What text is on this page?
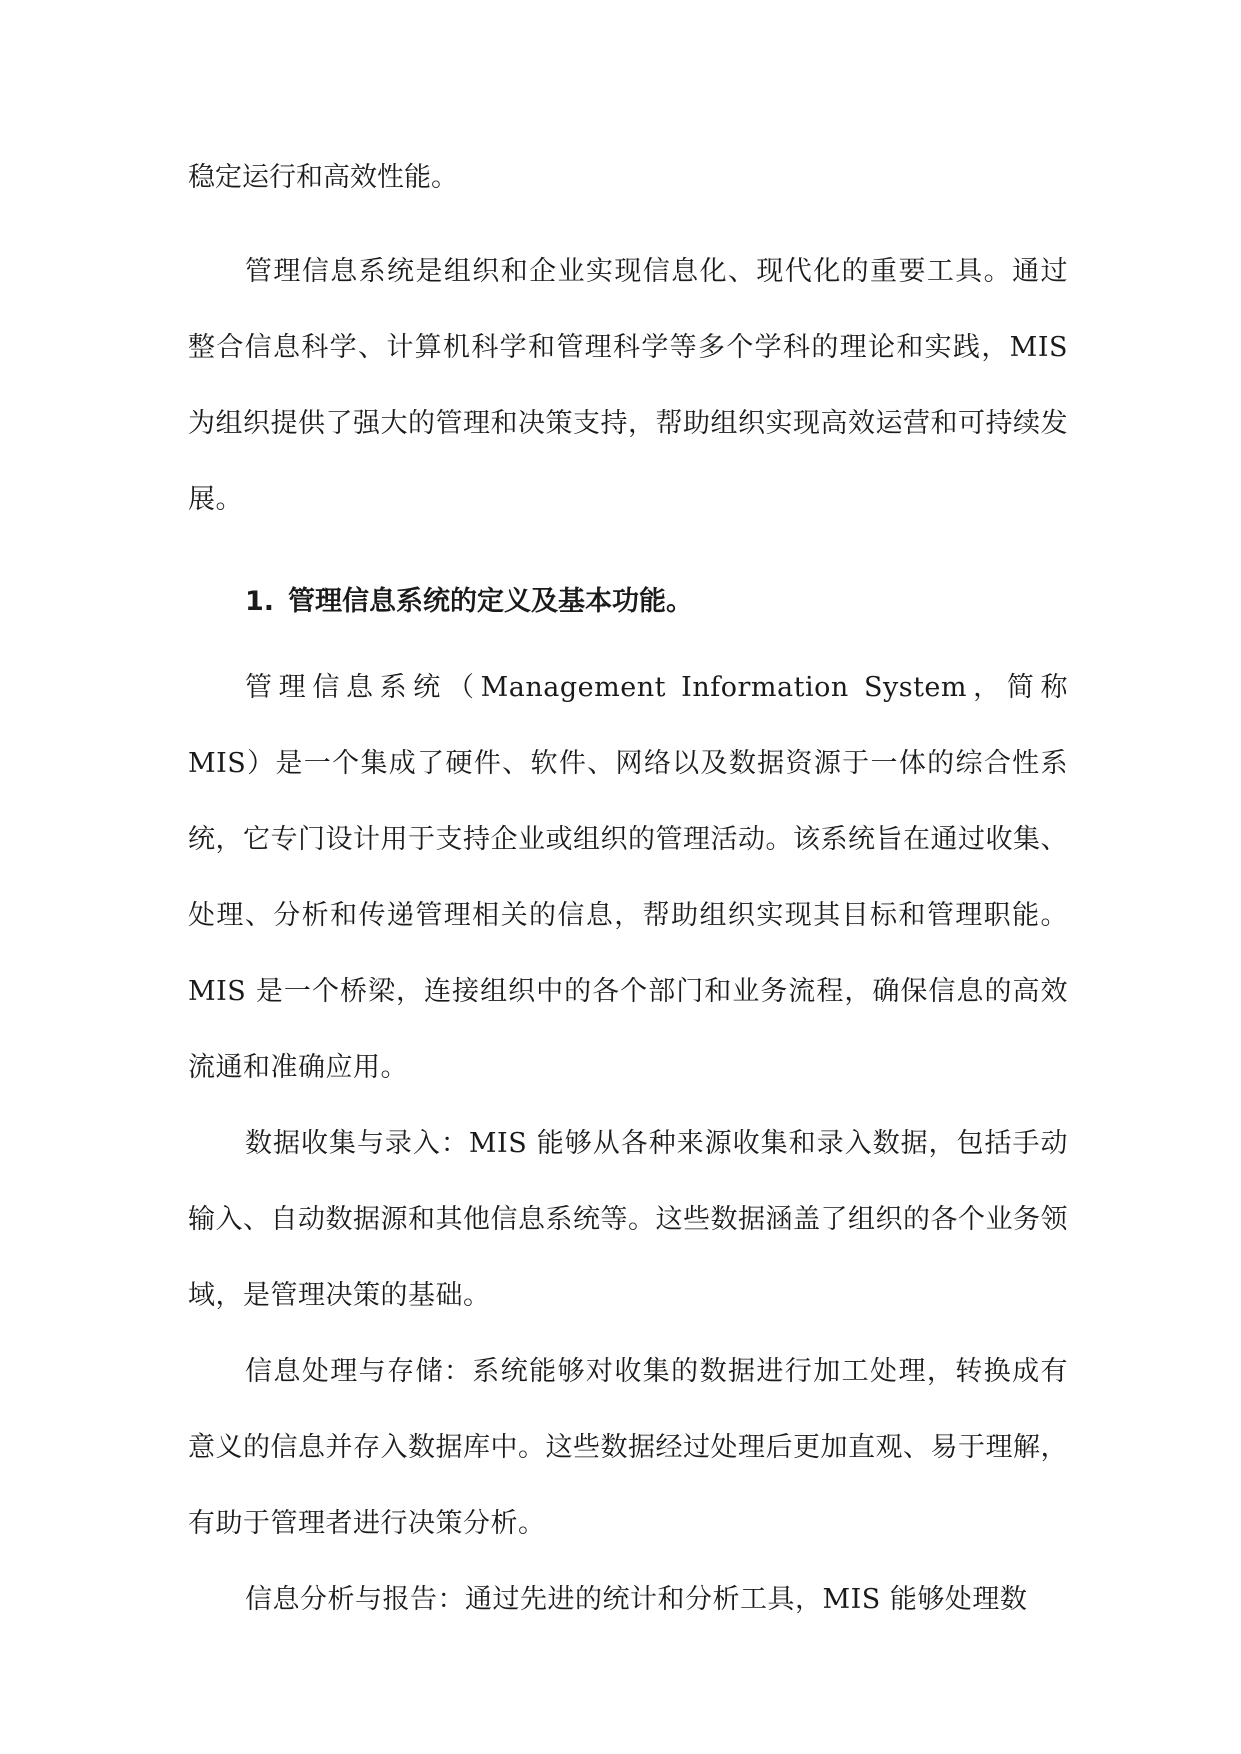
稳定运行和高效性能。

管理信息系统是组织和企业实现信息化、现代化的重要工具。通过整合信息科学、计算机科学和管理科学等多个学科的理论和实践，MIS 为组织提供了强大的管理和决策支持，帮助组织实现高效运营和可持续发展。

1. 管理信息系统的定义及基本功能。

管理信息系统（Management Information System，简称 MIS）是一个集成了硬件、软件、网络以及数据资源于一体的综合性系统，它专门设计用于支持企业或组织的管理活动。该系统旨在通过收集、处理、分析和传递管理相关的信息，帮助组织实现其目标和管理职能。MIS 是一个桥梁，连接组织中的各个部门和业务流程，确保信息的高效流通和准确应用。

数据收集与录入：MIS 能够从各种来源收集和录入数据，包括手动输入、自动数据源和其他信息系统等。这些数据涵盖了组织的各个业务领域，是管理决策的基础。

信息处理与存储：系统能够对收集的数据进行加工处理，转换成有意义的信息并存入数据库中。这些数据经过处理后更加直观、易于理解，有助于管理者进行决策分析。

信息分析与报告：通过先进的统计和分析工具，MIS 能够处理数
